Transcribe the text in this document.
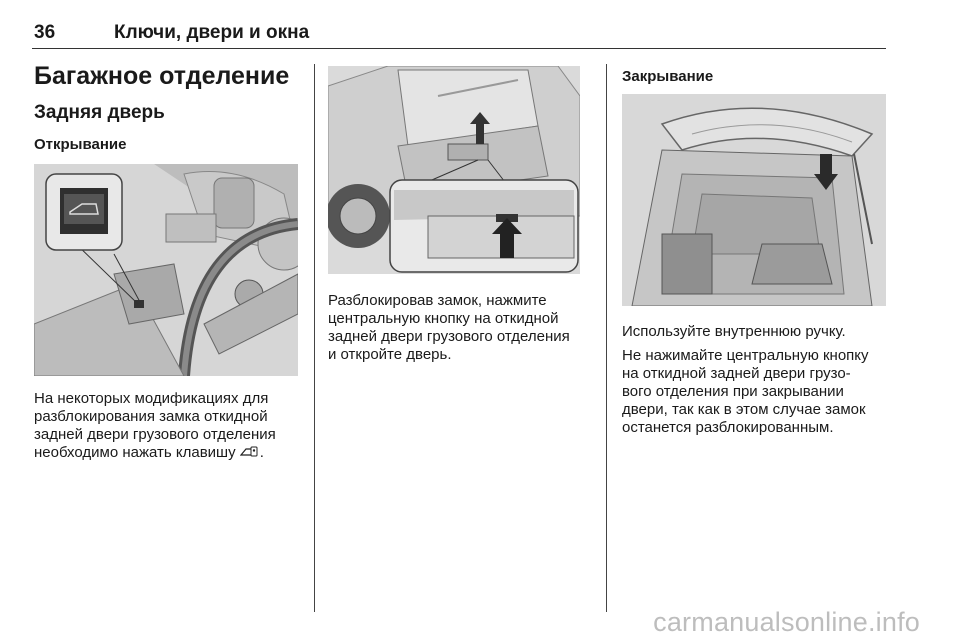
36	Ключи, двери и окна
Багажное отделение
Задняя дверь
Открывание
На некоторых модификациях для
разблокирования замка откидной
задней двери грузового отделения
необходимо нажать клавишу .
Разблокировав замок, нажмите
центральную кнопку на откидной
задней двери грузового отделения
и откройте дверь.
Закрывание
Используйте внутреннюю ручку.
Не нажимайте центральную кнопку
на откидной задней двери грузо-
вого отделения при закрывании
двери, так как в этом случае замок
останется разблокированным.
carmanualsonline.info
